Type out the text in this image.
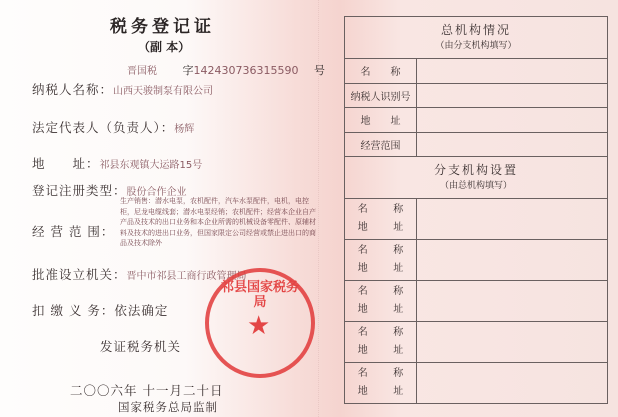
税务登记证
（副 本）
晋国税 字142430736315590 号
纳税人名称：山西天骏制泵有限公司
法定代表人（负责人）：杨辉
地　　址：祁县东观镇大运路15号
登记注册类型：股份合作企业
经 营 范 围：
生产销售：潜水电泵，农机配件，汽车水泵配件，电机，电控柜，尼龙电缆线套；潜水电泵经销；农机配件；经营本企业自产产品及技术的出口业务和本企业所需的机械设备零配件、原辅材料及技术的进出口业务，但国家限定公司经营或禁止进出口的商品及技术除外
批准设立机关：晋中市祁县工商行政管理局
扣 缴 义 务：依法确定
祁县国家税务局
★
发证税务机关
二〇〇六年 十一月二十日
国家税务总局监制
总机构情况
（由分支机构填写）	

名　　称	
纳税人识别号	
地　　址	
经营范围	

分支机构设置
（由总机构填写）	

名 称
地 址	

名 称
地 址	

名 称
地 址	

名 称
地 址	

名 称
地 址	
